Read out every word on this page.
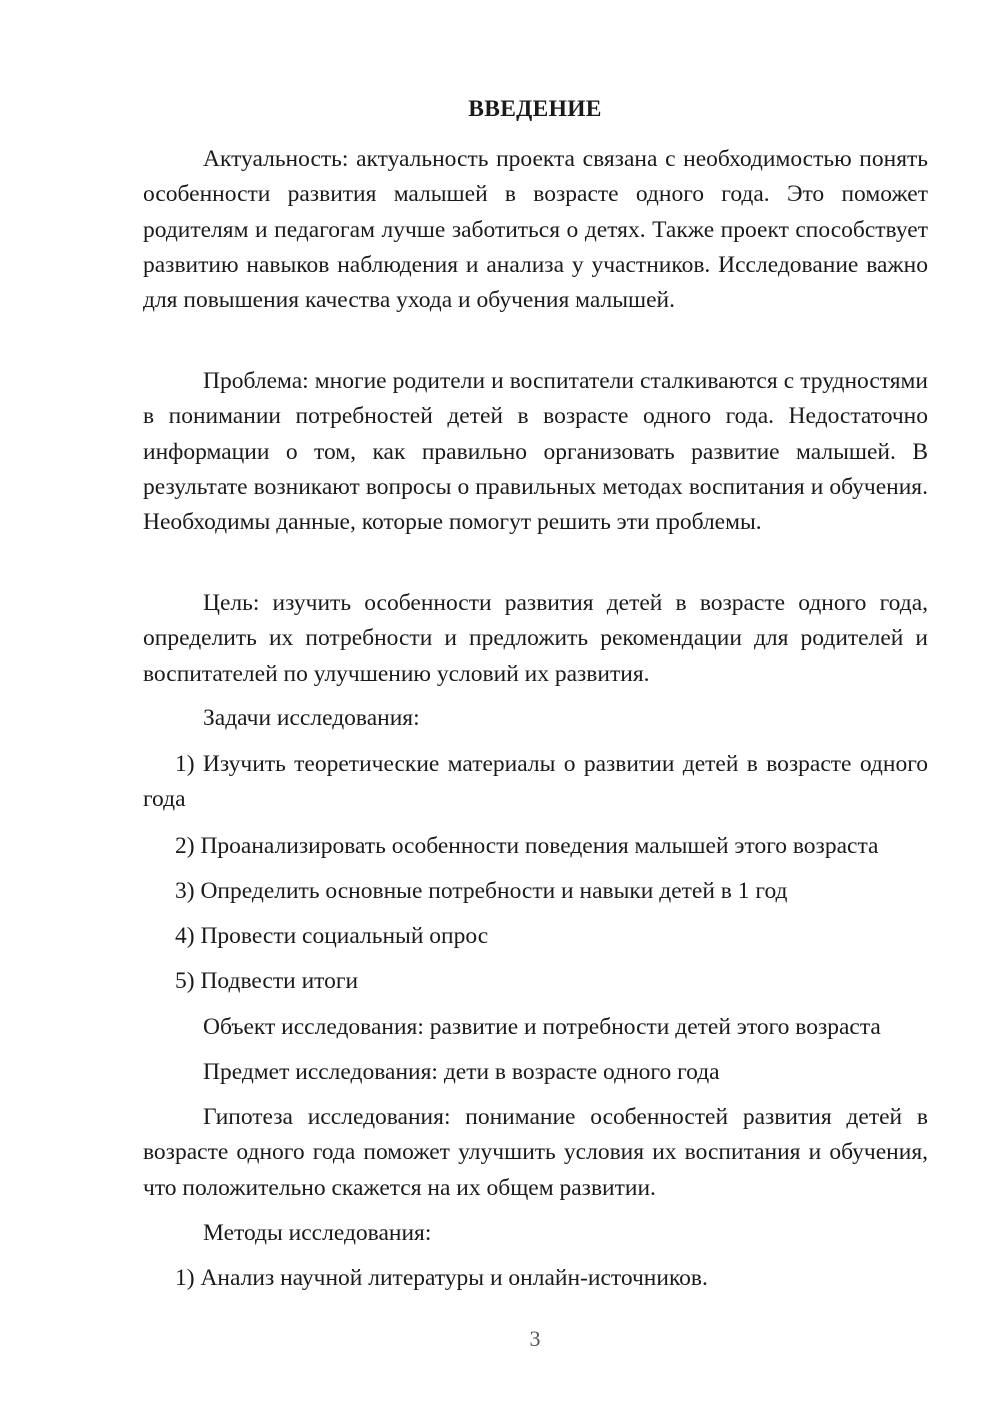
ВВЕДЕНИЕ

Актуальность: актуальность проекта связана с необходимостью понять особенности развития малышей в возрасте одного года. Это поможет родителям и педагогам лучше заботиться о детях. Также проект способствует развитию навыков наблюдения и анализа у участников. Исследование важно для повышения качества ухода и обучения малышей.

Проблема: многие родители и воспитатели сталкиваются с трудностями в понимании потребностей детей в возрасте одного года. Недостаточно информации о том, как правильно организовать развитие малышей. В результате возникают вопросы о правильных методах воспитания и обучения. Необходимы данные, которые помогут решить эти проблемы.

Цель: изучить особенности развития детей в возрасте одного года, определить их потребности и предложить рекомендации для родителей и воспитателей по улучшению условий их развития.

Задачи исследования:

1) Изучить теоретические материалы о развитии детей в возрасте одного года

2) Проанализировать особенности поведения малышей этого возраста

3) Определить основные потребности и навыки детей в 1 год

4) Провести социальный опрос

5) Подвести итоги

Объект исследования: развитие и потребности детей этого возраста

Предмет исследования: дети в возрасте одного года

Гипотеза исследования: понимание особенностей развития детей в возрасте одного года поможет улучшить условия их воспитания и обучения, что положительно скажется на их общем развитии.

Методы исследования:

1) Анализ научной литературы и онлайн-источников.

3
